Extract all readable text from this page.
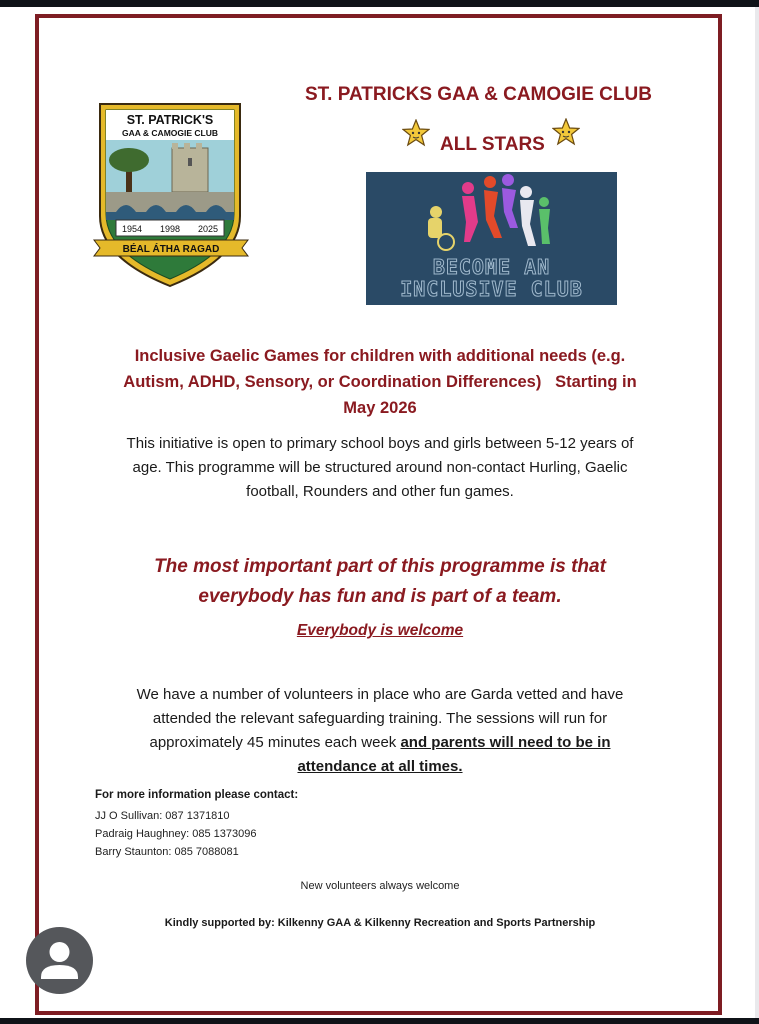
ST. PATRICK'S
GAA & CAMOGIE CLUB
1954 1998 2025
BÉAL ÁTHA RAGAD
ST. PATRICKS GAA & CAMOGIE CLUB
ALL STARS
BECOME AN
INCLUSIVE CLUB
Inclusive Gaelic Games for children with additional needs (e.g.
Autism, ADHD, Sensory, or Coordination Differences)   Starting in
May 2026
This initiative is open to primary school boys and girls between 5-12 years of
age. This programme will be structured around non-contact Hurling, Gaelic
football, Rounders and other fun games.
The most important part of this programme is that
everybody has fun and is part of a team.
Everybody is welcome
We have a number of volunteers in place who are Garda vetted and have
attended the relevant safeguarding training. The sessions will run for
approximately 45 minutes each week and parents will need to be in
attendance at all times.
For more information please contact:
JJ O Sullivan: 087 1371810
Padraig Haughney: 085 1373096
Barry Staunton: 085 7088081
New volunteers always welcome
Kindly supported by: Kilkenny GAA & Kilkenny Recreation and Sports Partnership
